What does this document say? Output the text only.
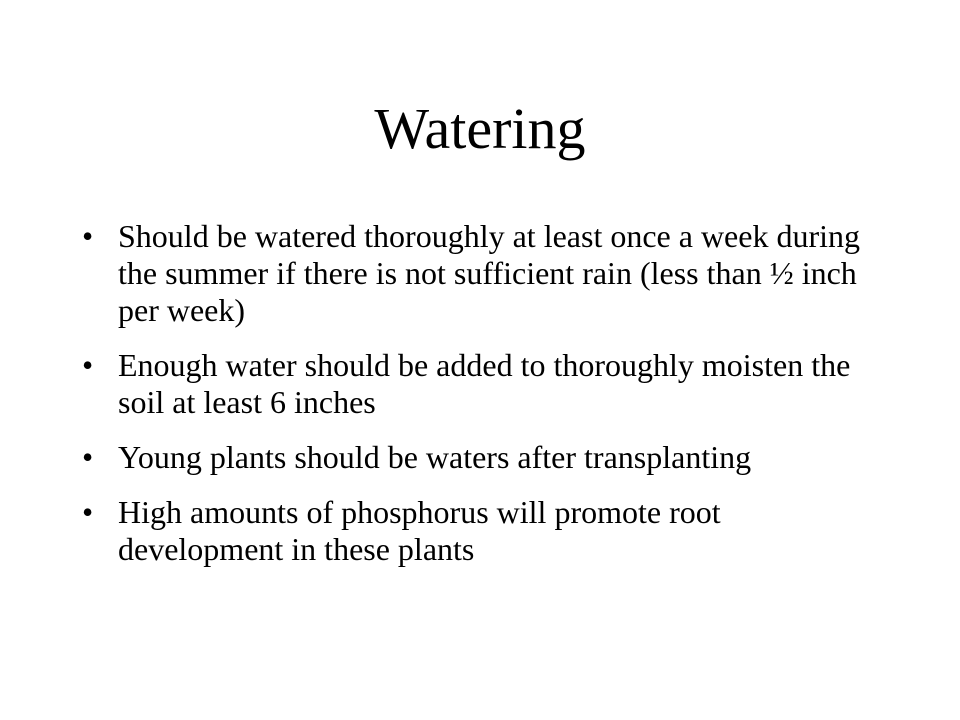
Watering
• Should be watered thoroughly at least once a week during the summer if there is not sufficient rain (less than ½ inch per week)
• Enough water should be added to thoroughly moisten the soil at least 6 inches
• Young plants should be waters after transplanting
• High amounts of phosphorus will promote root development in these plants
